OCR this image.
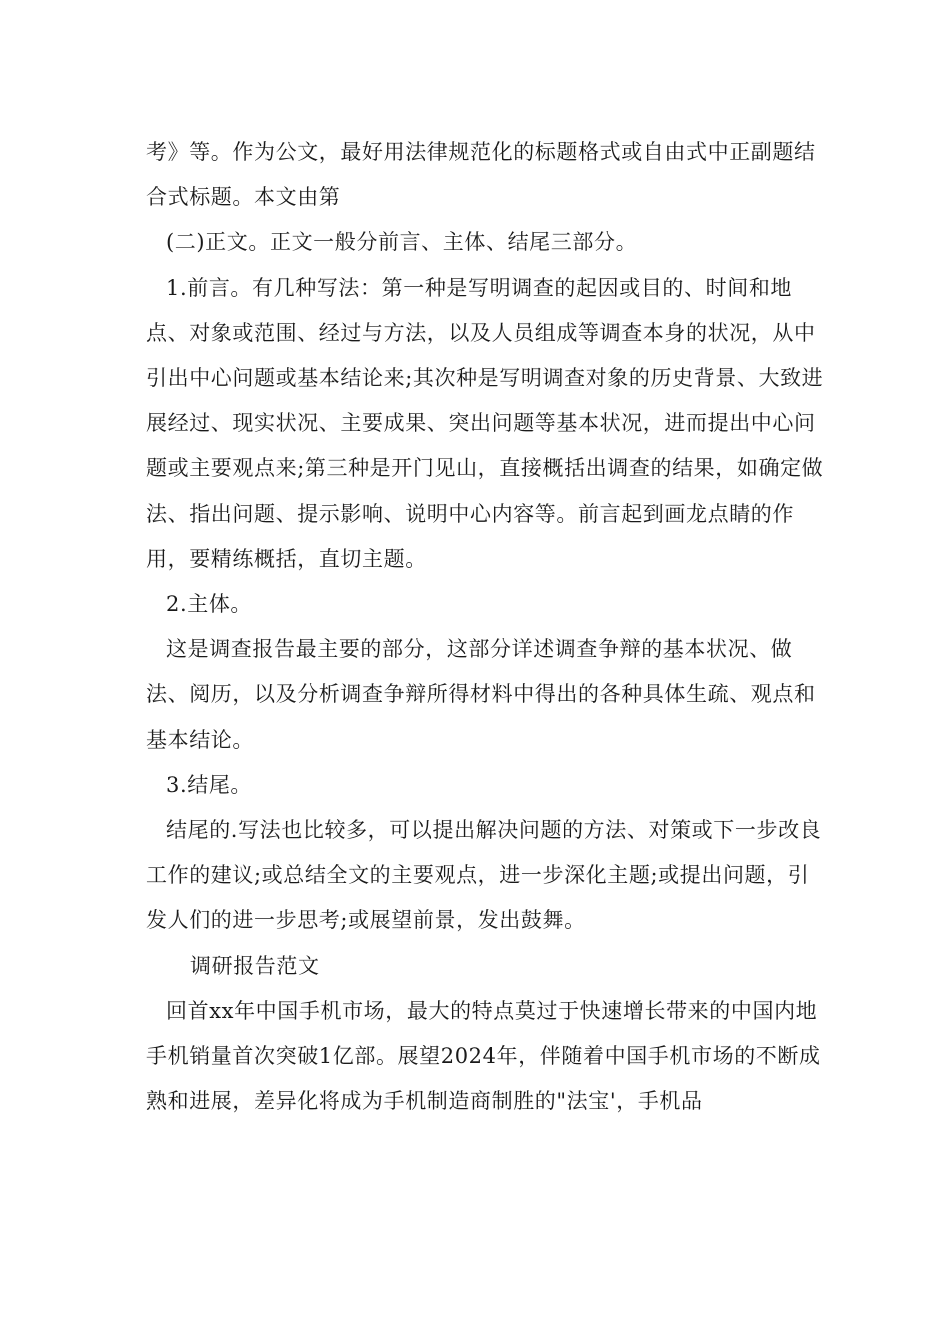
考》等。作为公文，最好用法律规范化的标题格式或自由式中正副题结合式标题。本文由第

(二)正文。正文一般分前言、主体、结尾三部分。

1.前言。有几种写法：第一种是写明调查的起因或目的、时间和地点、对象或范围、经过与方法，以及人员组成等调查本身的状况，从中引出中心问题或基本结论来;其次种是写明调查对象的历史背景、大致进展经过、现实状况、主要成果、突出问题等基本状况，进而提出中心问题或主要观点来;第三种是开门见山，直接概括出调查的结果，如确定做法、指出问题、提示影响、说明中心内容等。前言起到画龙点睛的作用，要精练概括，直切主题。

2.主体。

这是调查报告最主要的部分，这部分详述调查争辩的基本状况、做法、阅历，以及分析调查争辩所得材料中得出的各种具体生疏、观点和基本结论。

3.结尾。

结尾的.写法也比较多，可以提出解决问题的方法、对策或下一步改良工作的建议;或总结全文的主要观点，进一步深化主题;或提出问题，引发人们的进一步思考;或展望前景，发出鼓舞。

调研报告范文

回首xx年中国手机市场，最大的特点莫过于快速增长带来的中国内地手机销量首次突破1亿部。展望2024年，伴随着中国手机市场的不断成熟和进展，差异化将成为手机制造商制胜的"法宝'，手机品
